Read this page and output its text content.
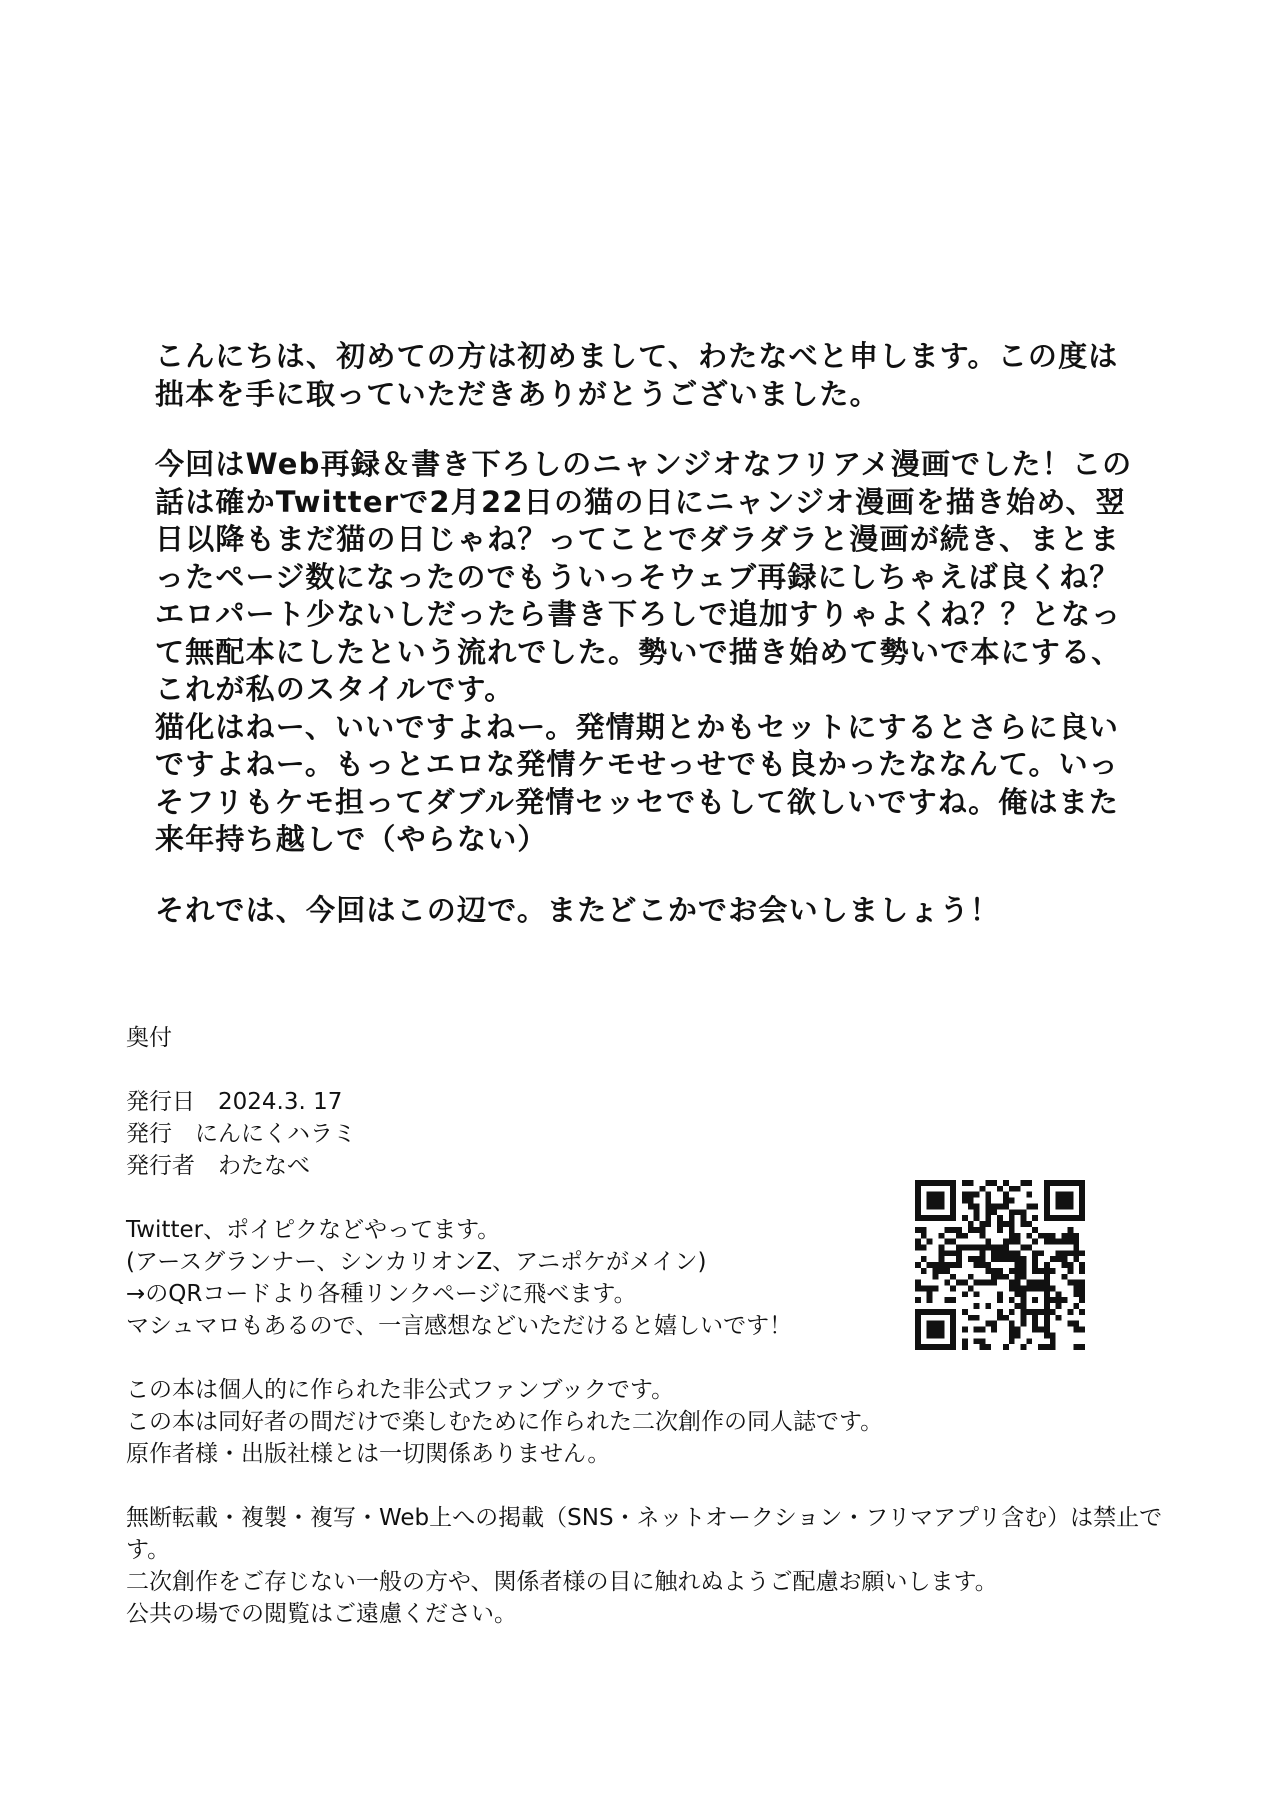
こんにちは、初めての方は初めまして、わたなべと申します。この度は拙本を手に取っていただきありがとうございました。

今回はWeb再録＆書き下ろしのニャンジオなフリアメ漫画でした！この話は確かTwitterで2月22日の猫の日にニャンジオ漫画を描き始め、翌日以降もまだ猫の日じゃね？ってことでダラダラと漫画が続き、まとまったページ数になったのでもういっそウェブ再録にしちゃえば良くね？エロパート少ないしだったら書き下ろしで追加すりゃよくね？？となって無配本にしたという流れでした。勢いで描き始めて勢いで本にする、これが私のスタイルです。

猫化はねー、いいですよねー。発情期とかもセットにするとさらに良いですよねー。もっとエロな発情ケモせっせでも良かったななんて。いっそフリもケモ担ってダブル発情セッセでもして欲しいですね。俺はまた来年持ち越しで（やらない）

それでは、今回はこの辺で。またどこかでお会いしましょう！

奥付

発行日　2024.3. 17

発行　にんにくハラミ

発行者　わたなべ

Twitter、ポイピクなどやってます。

(アースグランナー、シンカリオンZ、アニポケがメイン)

→のQRコードより各種リンクページに飛べます。

マシュマロもあるので、一言感想などいただけると嬉しいです！

この本は個人的に作られた非公式ファンブックです。

この本は同好者の間だけで楽しむために作られた二次創作の同人誌です。

原作者様・出版社様とは一切関係ありません。

無断転載・複製・複写・Web上への掲載（SNS・ネットオークション・フリマアプリ含む）は禁止です。

二次創作をご存じない一般の方や、関係者様の目に触れぬようご配慮お願いします。

公共の場での閲覧はご遠慮ください。
